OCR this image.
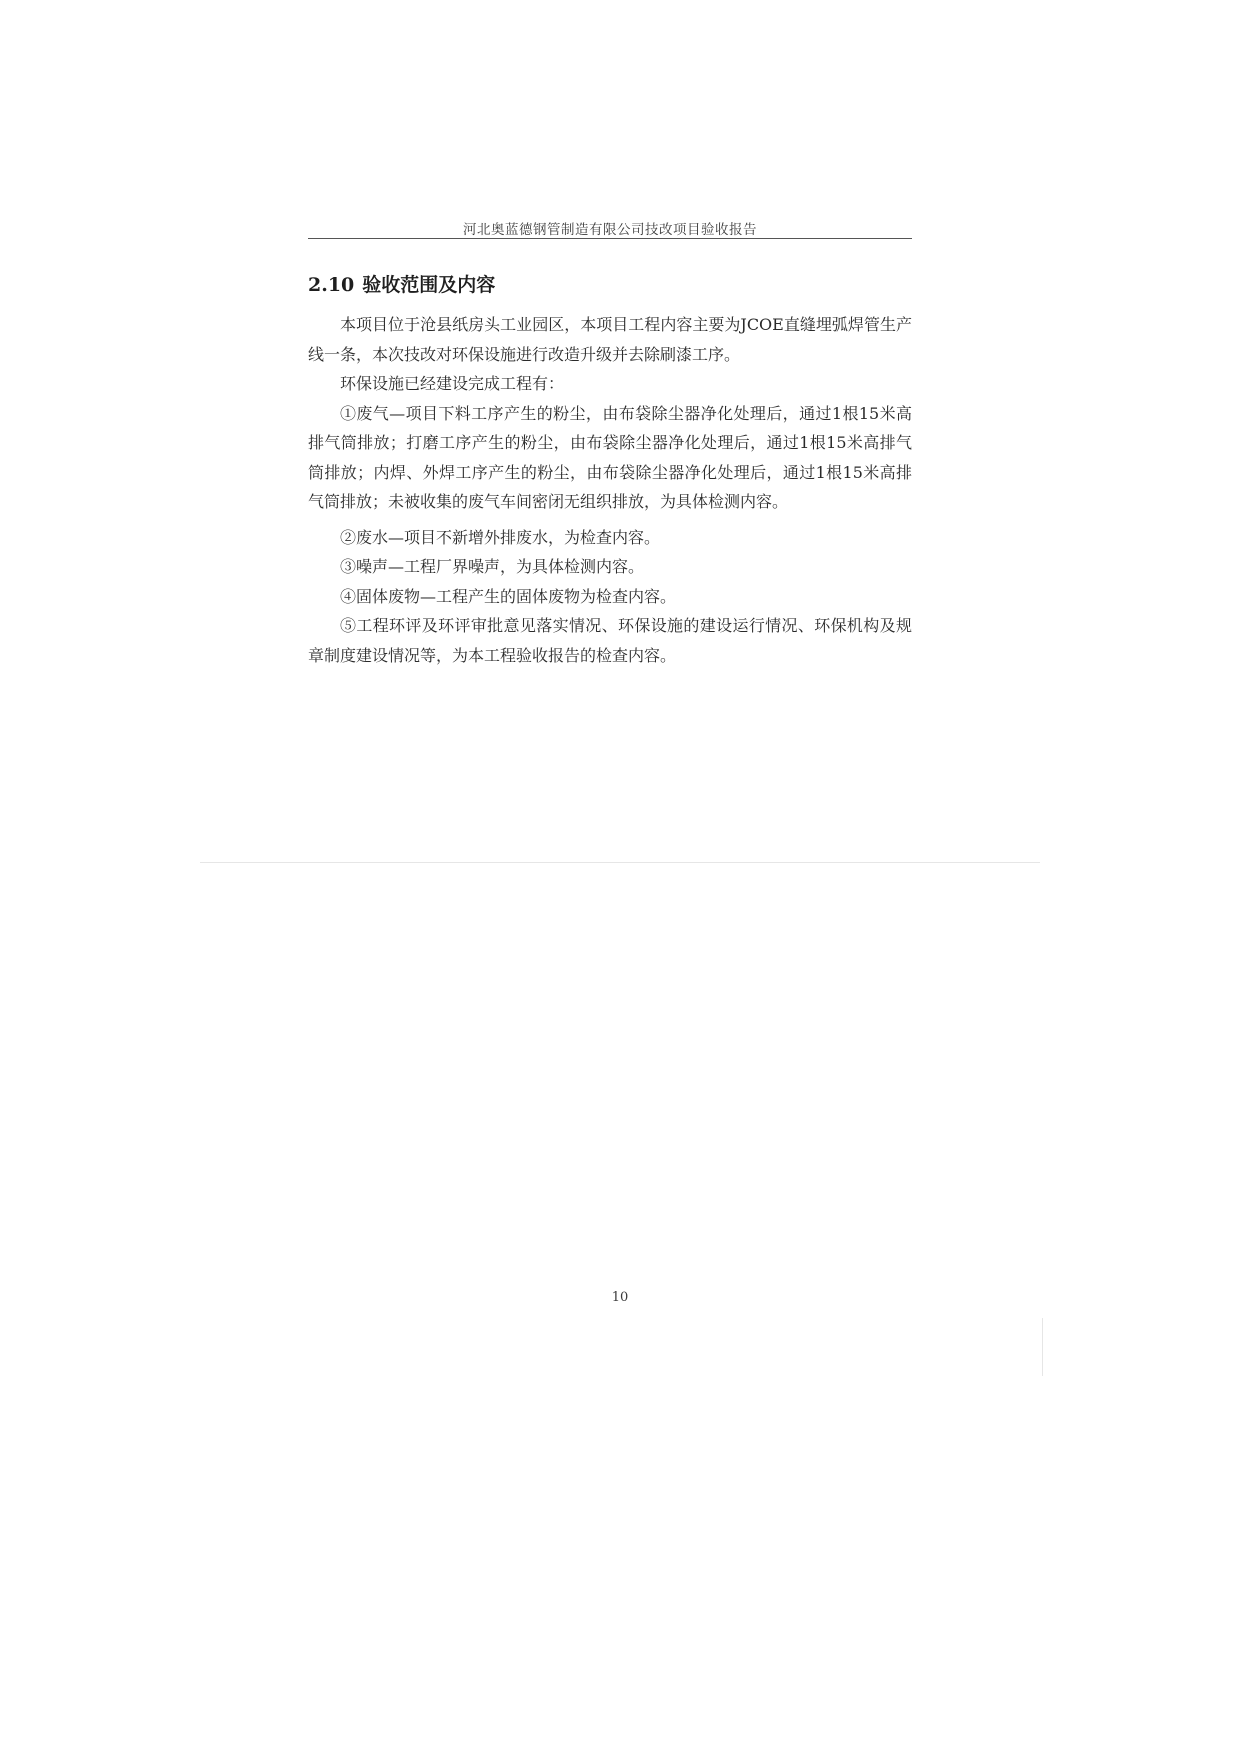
河北奥蓝德钢管制造有限公司技改项目验收报告
2.10 验收范围及内容

本项目位于沧县纸房头工业园区，本项目工程内容主要为JCOE直缝埋弧焊管生产线一条，本次技改对环保设施进行改造升级并去除刷漆工序。

环保设施已经建设完成工程有：

①废气—项目下料工序产生的粉尘，由布袋除尘器净化处理后，通过1根15米高排气筒排放；打磨工序产生的粉尘，由布袋除尘器净化处理后，通过1根15米高排气筒排放；内焊、外焊工序产生的粉尘，由布袋除尘器净化处理后，通过1根15米高排气筒排放；未被收集的废气车间密闭无组织排放，为具体检测内容。

②废水—项目不新增外排废水，为检查内容。

③噪声—工程厂界噪声，为具体检测内容。

④固体废物—工程产生的固体废物为检查内容。

⑤工程环评及环评审批意见落实情况、环保设施的建设运行情况、环保机构及规章制度建设情况等，为本工程验收报告的检查内容。

10
